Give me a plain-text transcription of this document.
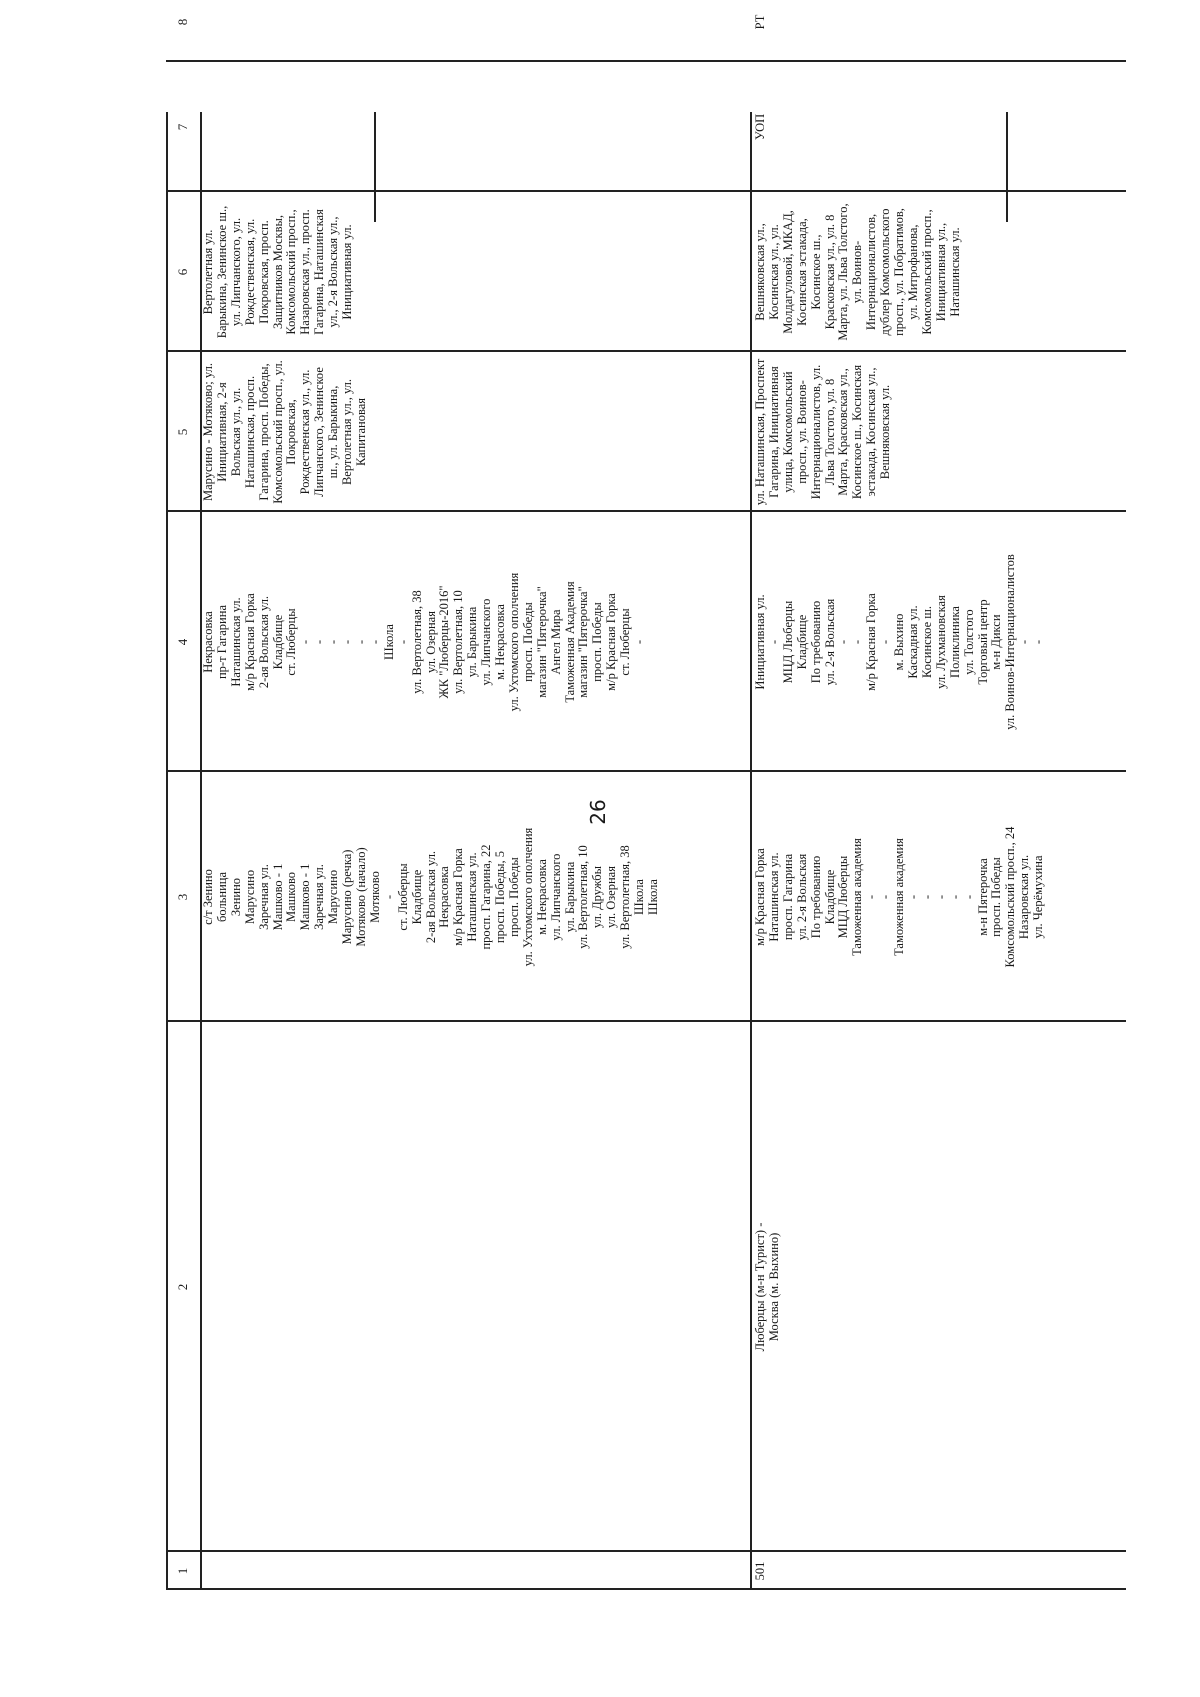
26
1
2
3
4
5
6
7
8
с/т Зенино больница Зенино Марусино Заречная ул. Машково - 1 Машково Машково - 1 Заречная ул. Марусино Марусино (речка) Мотяково (начало) Мотяково - ст. Люберцы Кладбище 2-ая Вольская ул. Некрасовка м/р Красная Горка Наташинская ул. просп. Гагарина, 22 просп. Победы, 5 просп. Победы ул. Ухтомского ополчения м. Некрасовка ул. Липчанского ул. Барыкина ул. Вертолетная, 10 ул. Дружбы ул. Озерная ул. Вертолетная, 38 Школа Школа
Некрасовка пр-т Гагарина Наташинская ул. м/р Красная Горка 2-ая Вольская ул. Кладбище ст. Люберцы - - - - - - Школа - ул. Вертолетная, 38 ул. Озерная ЖК "Люберцы-2016" ул. Вертолетная, 10 ул. Барыкина ул. Липчанского м. Некрасовка ул. Ухтомского ополчения просп. Победы магазин "Пятерочка" Ангел Мира Таможенная Академия магазин "Пятерочка" просп. Победы м/р Красная Горка ст. Люберцы -
Марусино - Мотяково; ул. Инициативная, 2-я Вольская ул., ул. Наташинская, просп. Гагарина, просп. Победы, Комсомольский просп., ул. Покровская, Рождественская ул., ул. Липчанского, Зенинское ш., ул. Барыкина, Вертолетная ул., ул. Капитановая
Вертолетная ул. Барыкина, Зенинское ш., ул. Липчанского, ул. Рождественская, ул. Покровская, просп. Защитников Москвы, Комсомольский просп., Назаровская ул., просп. Гагарина, Наташинская ул., 2-я Вольская ул., Инициативная ул.
501
Люберцы (м-н Турист) - Москва (м. Выхино)
м/р Красная Горка Наташинская ул. просп. Гагарина ул. 2-я Вольская По требованию Кладбище МЦД Люберцы Таможенная академия - - Таможенная академия - - - - - м-н Пятерочка просп. Победы Комсомольский просп., 24 Назаровская ул. ул. Черёмухина
Инициативная ул. - МЦД Люберцы Кладбище По требованию ул. 2-я Вольская - - м/р Красная Горка - м. Выхино Каскадная ул. Косинское ш. ул. Лухмановская Поликлиника ул. Толстого Торговый центр м-н Дикси ул. Воинов-Интернационалистов - -
ул. Наташинская, Проспект Гагарина, Инициативная улица, Комсомольский просп., ул. Воинов- Интернационалистов, ул. Льва Толстого, ул. 8 Марта, Красковская ул., Косинское ш., Косинская эстакада, Косинская ул., Вешняковская ул.
Вешняковская ул., Косинская ул., ул. Молдагуловой, МКАД, Косинская эстакада, Косинское ш., Красковская ул., ул. 8 Марта, ул. Льва Толстого, ул. Воинов- Интернационалистов, дублер Комсомольского просп., ул. Побратимов, ул. Митрофанова, Комсомольский просп., Инициативная ул., Наташинская ул.
УОП
РТ
